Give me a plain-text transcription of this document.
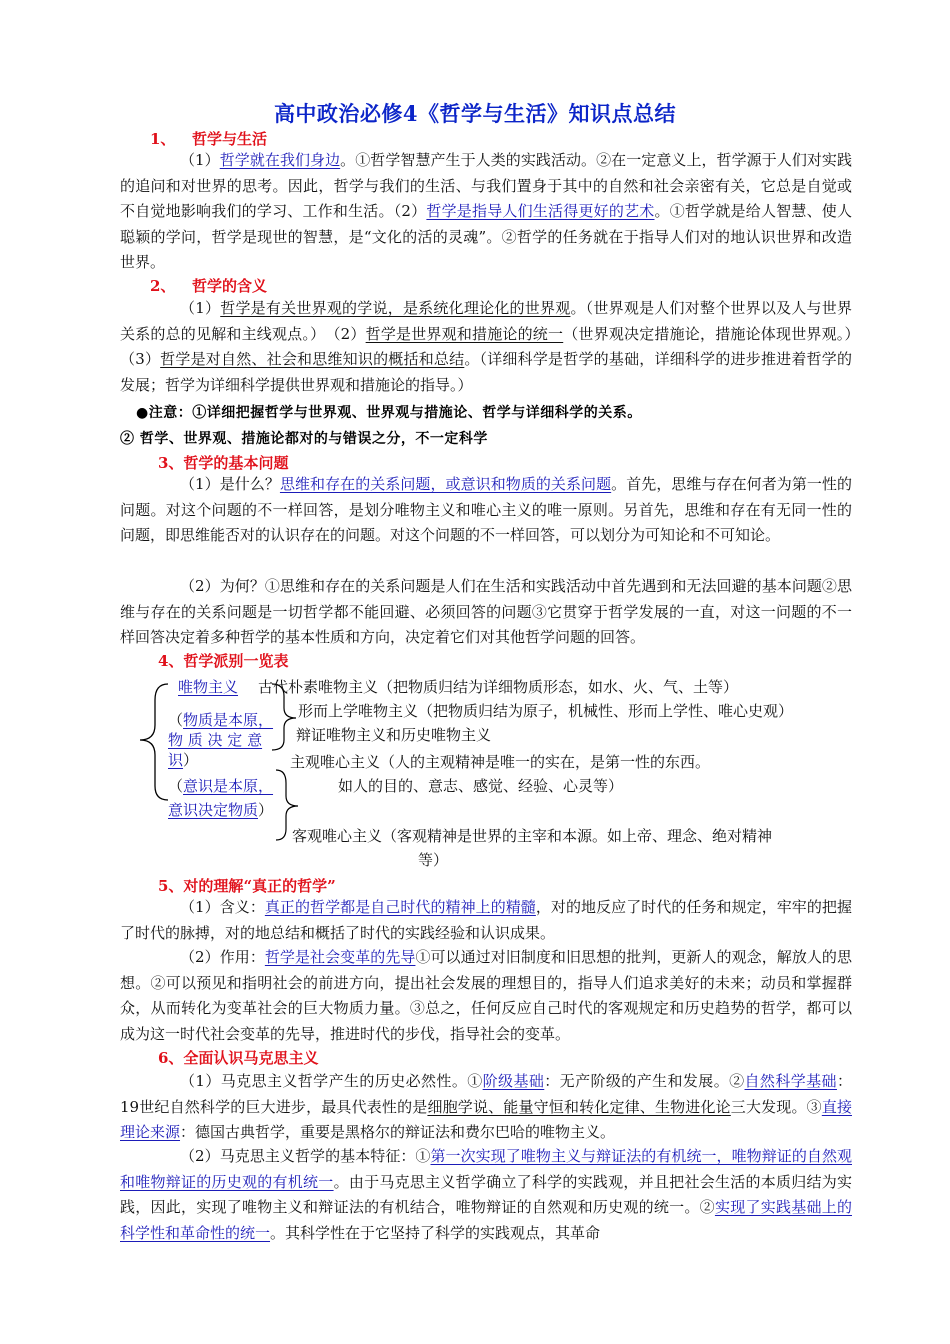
高中政治必修4《哲学与生活》知识点总结
1、 哲学与生活
（1）哲学就在我们身边。①哲学智慧产生于人类的实践活动。②在一定意义上，哲学源于人们对实践的追问和对世界的思考。因此，哲学与我们的生活、与我们置身于其中的自然和社会亲密有关，它总是自觉或不自觉地影响我们的学习、工作和生活。（2）哲学是指导人们生活得更好的艺术。①哲学就是给人智慧、使人聪颖的学问，哲学是现世的智慧，是“文化的活的灵魂”。②哲学的任务就在于指导人们对的地认识世界和改造世界。
2、 哲学的含义
（1）哲学是有关世界观的学说，是系统化理论化的世界观。（世界观是人们对整个世界以及人与世界关系的总的见解和主线观点。）　（2）哲学是世界观和措施论的统一（世界观决定措施论，措施论体现世界观。）　（3）哲学是对自然、社会和思维知识的概括和总结。（详细科学是哲学的基础，详细科学的进步推进着哲学的发展；哲学为详细科学提供世界观和措施论的指导。）
●注意：①详细把握哲学与世界观、世界观与措施论、哲学与详细科学的关系。
② 哲学、世界观、措施论都对的与错误之分，不一定科学
3、哲学的基本问题
（1）是什么？思维和存在的关系问题，或意识和物质的关系问题。首先，思维与存在何者为第一性的问题。对这个问题的不一样回答，是划分唯物主义和唯心主义的唯一原则。另首先，思维和存在有无同一性的问题，即思维能否对的认识存在的问题。对这个问题的不一样回答，可以划分为可知论和不可知论。
（2）为何？①思维和存在的关系问题是人们在生活和实践活动中首先遇到和无法回避的基本问题②思维与存在的关系问题是一切哲学都不能回避、必须回答的问题③它贯穿于哲学发展的一直，对这一问题的不一样回答决定着多种哲学的基本性质和方向，决定着它们对其他哲学问题的回答。
4、哲学派别一览表
唯物主义
（物质是本原，物 质 决 定 意 识）
（意识是本原，意识决定物质）
古代朴素唯物主义（把物质归结为详细物质形态，如水、火、气、土等）
形而上学唯物主义（把物质归结为原子，机械性、形而上学性、唯心史观）
辩证唯物主义和历史唯物主义
主观唯心主义（人的主观精神是唯一的实在，是第一性的东西。
如人的目的、意志、感觉、经验、心灵等）
客观唯心主义（客观精神是世界的主宰和本源。如上帝、理念、绝对精神
等）
5、对的理解“真正的哲学”
（1）含义：真正的哲学都是自己时代的精神上的精髓，对的地反应了时代的任务和规定，牢牢的把握了时代的脉搏，对的地总结和概括了时代的实践经验和认识成果。
（2）作用：哲学是社会变革的先导①可以通过对旧制度和旧思想的批判，更新人的观念，解放人的思想。②可以预见和指明社会的前进方向，提出社会发展的理想目的，指导人们追求美好的未来；动员和掌握群众，从而转化为变革社会的巨大物质力量。③总之，任何反应自己时代的客观规定和历史趋势的哲学，都可以成为这一时代社会变革的先导，推进时代的步伐，指导社会的变革。
6、全面认识马克思主义
（1）马克思主义哲学产生的历史必然性。①阶级基础：无产阶级的产生和发展。②自然科学基础：19世纪自然科学的巨大进步，最具代表性的是细胞学说、能量守恒和转化定律、生物进化论三大发现。③直接理论来源：德国古典哲学，重要是黑格尔的辩证法和费尔巴哈的唯物主义。
（2）马克思主义哲学的基本特征：①第一次实现了唯物主义与辩证法的有机统一，唯物辩证的自然观和唯物辩证的历史观的有机统一。由于马克思主义哲学确立了科学的实践观，并且把社会生活的本质归结为实践，因此，实现了唯物主义和辩证法的有机结合，唯物辩证的自然观和历史观的统一。②实现了实践基础上的科学性和革命性的统一。其科学性在于它坚持了科学的实践观点，其革命
